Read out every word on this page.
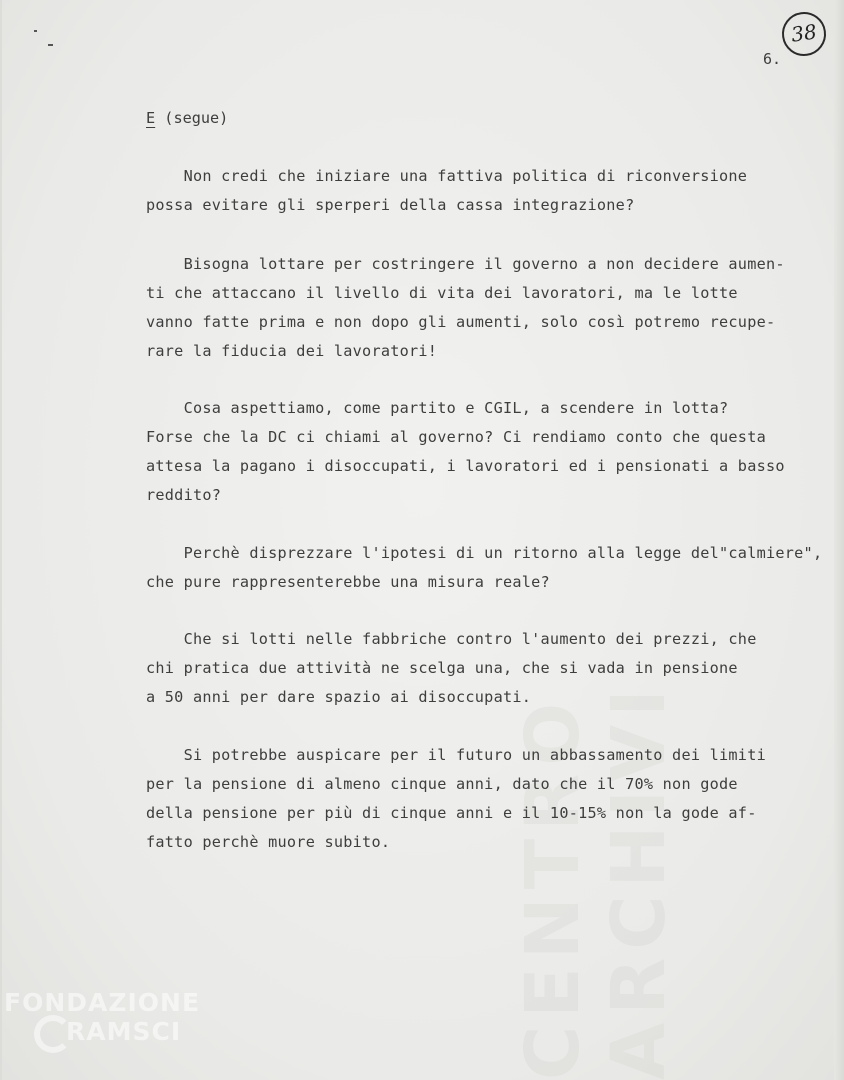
CENTRO ARCHIVI
38
6.
E (segue)
Non credi che iniziare una fattiva politica di riconversione
possa evitare gli sperperi della cassa integrazione?
Bisogna lottare per costringere il governo a non decidere aumen-
ti che attaccano il livello di vita dei lavoratori, ma le lotte
vanno fatte prima e non dopo gli aumenti, solo così potremo recupe-
rare la fiducia dei lavoratori!
Cosa aspettiamo, come partito e CGIL, a scendere in lotta?
Forse che la DC ci chiami al governo? Ci rendiamo conto che questa
attesa la pagano i disoccupati, i lavoratori ed i pensionati a basso
reddito?
Perchè disprezzare l'ipotesi di un ritorno alla legge del"calmiere",
che pure rappresenterebbe una misura reale?
Che si lotti nelle fabbriche contro l'aumento dei prezzi, che
chi pratica due attività ne scelga una, che si vada in pensione
a 50 anni per dare spazio ai disoccupati.
Si potrebbe auspicare per il futuro un abbassamento dei limiti
per la pensione di almeno cinque anni, dato che il 70% non gode
della pensione per più di cinque anni e il 10-15% non la gode af-
fatto perchè muore subito.
FONDAZIONE
RAMSCI
